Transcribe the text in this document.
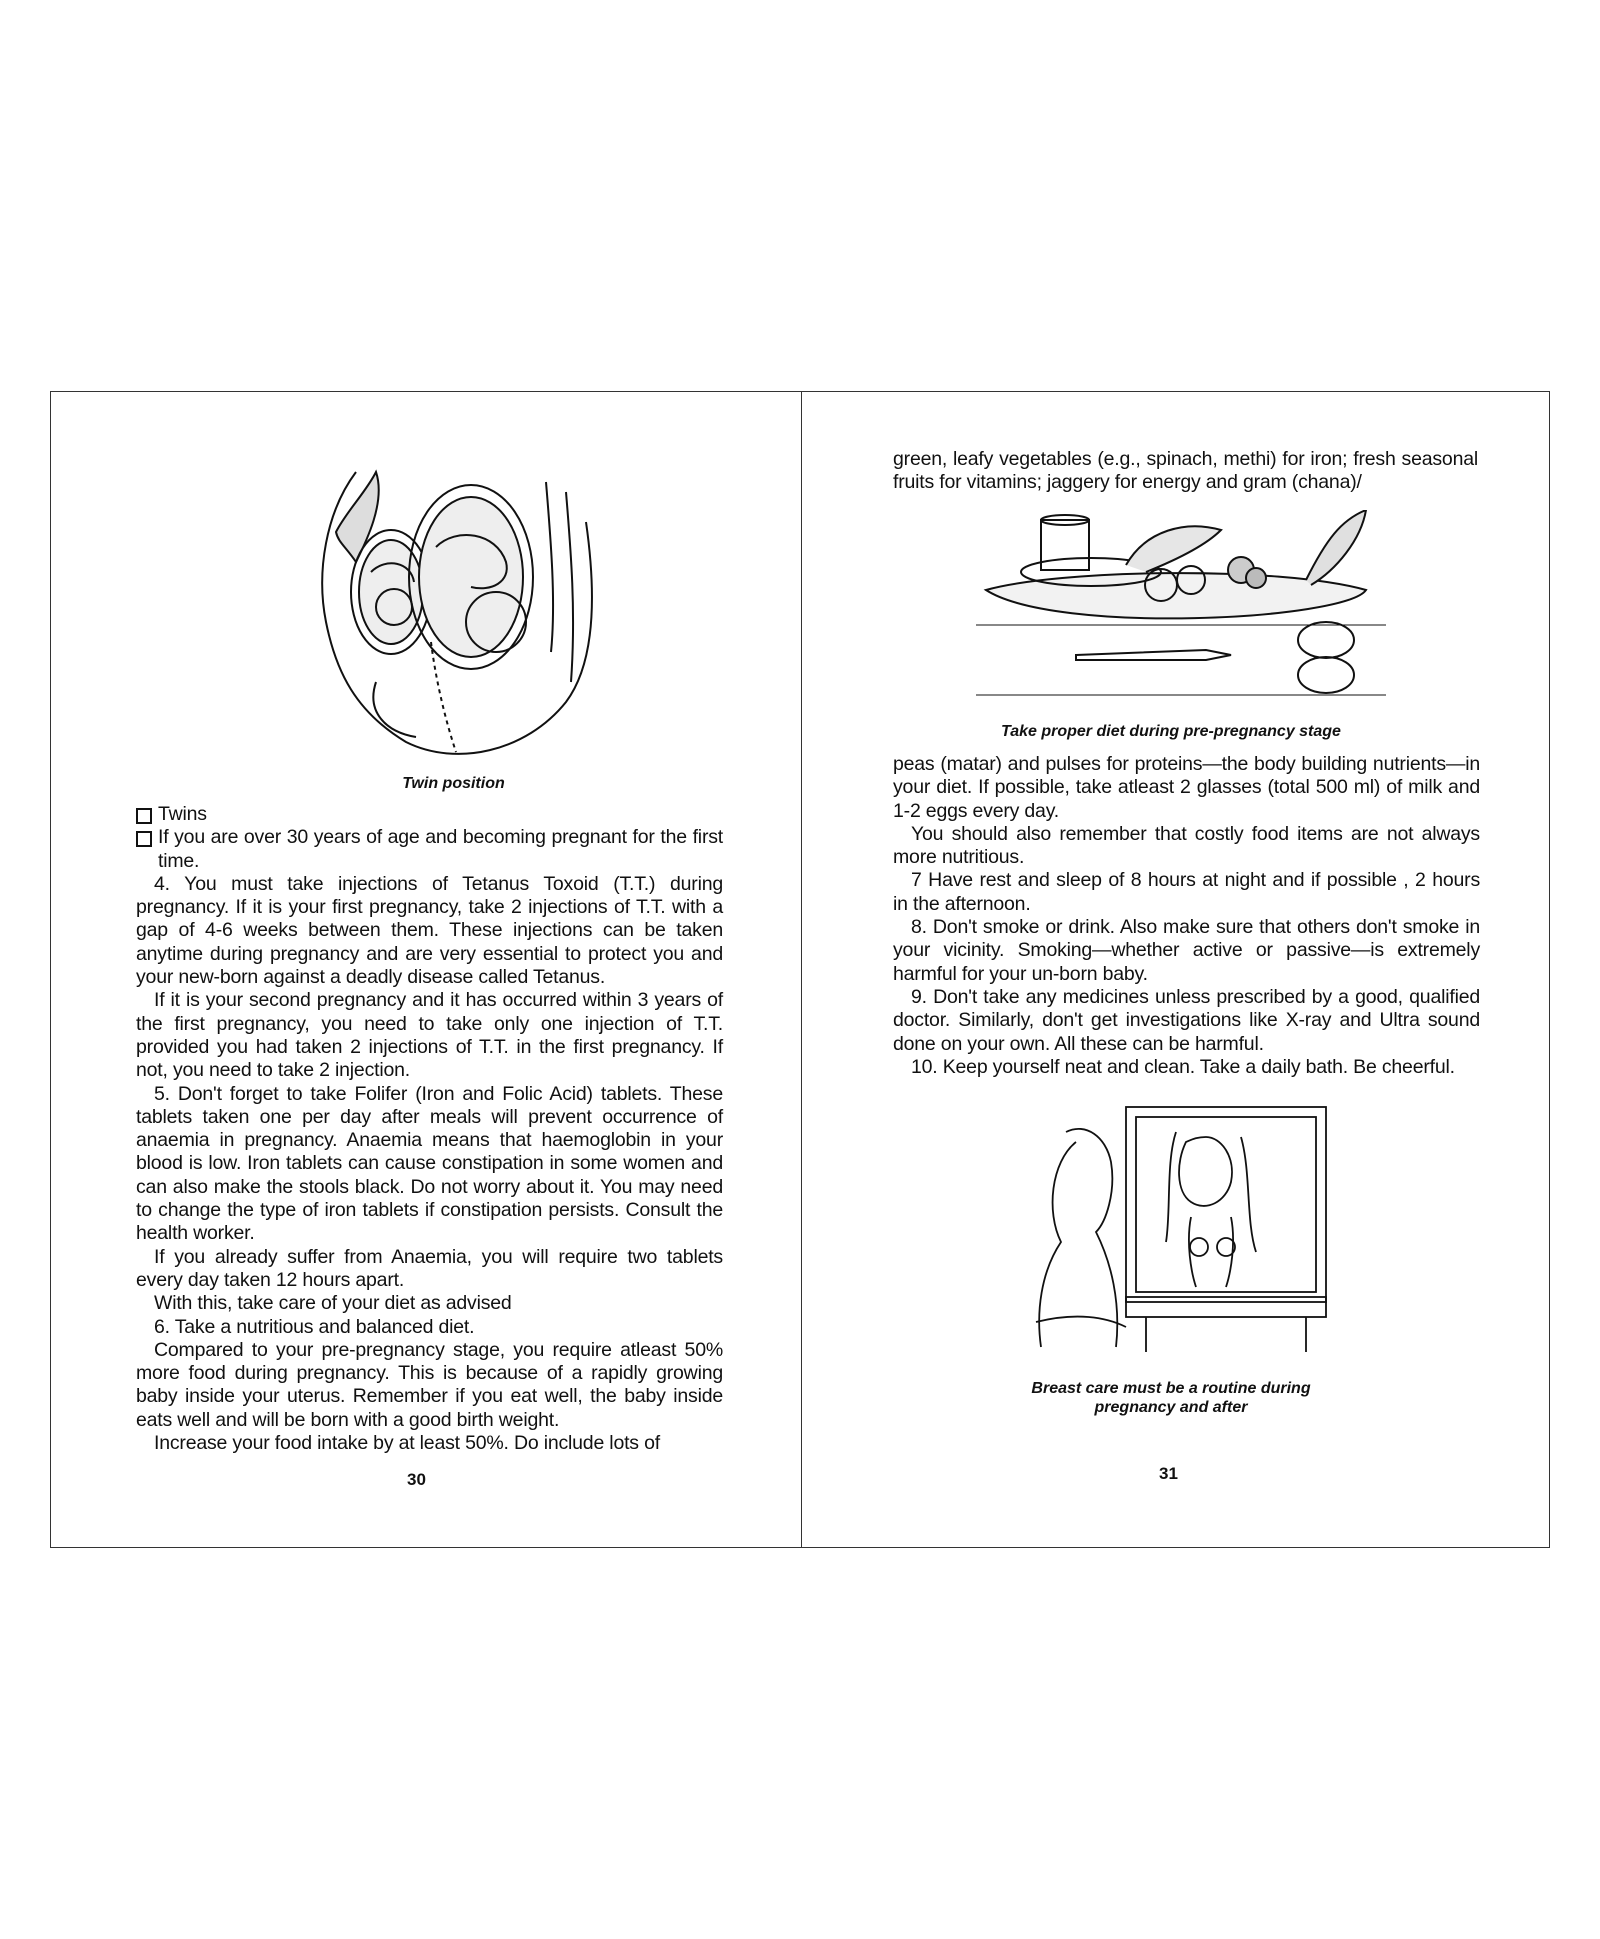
Twin position
Twins
If you are over 30 years of age and becoming pregnant for the first time.

4. You must take injections of Tetanus Toxoid (T.T.) during pregnancy. If it is your first pregnancy, take 2 injections of T.T. with a gap of 4-6 weeks between them. These injections can be taken anytime during pregnancy and are very essential to protect you and your new-born against a deadly disease called Tetanus.

If it is your second pregnancy and it has occurred within 3 years of the first pregnancy, you need to take only one injection of T.T. provided you had taken 2 injections of T.T. in the first pregnancy. If not, you need to take 2 injection.

5. Don't forget to take Folifer (Iron and Folic Acid) tablets. These tablets taken one per day after meals will prevent occurrence of anaemia in pregnancy. Anaemia means that haemoglobin in your blood is low. Iron tablets can cause constipation in some women and can also make the stools black. Do not worry about it. You may need to change the type of iron tablets if constipation persists. Consult the health worker.

If you already suffer from Anaemia, you will require two tablets every day taken 12 hours apart.

With this, take care of your diet as advised

6. Take a nutritious and balanced diet.

Compared to your pre-pregnancy stage, you require atleast 50% more food during pregnancy. This is because of a rapidly growing baby inside your uterus. Remember if you eat well, the baby inside eats well and will be born with a good birth weight.

Increase your food intake by at least 50%. Do include lots of

30

green, leafy vegetables (e.g., spinach, methi) for iron; fresh seasonal fruits for vitamins; jaggery for energy and gram (chana)/

Take proper diet during pre-pregnancy stage

peas (matar) and pulses for proteins—the body building nutrients—in your diet. If possible, take atleast 2 glasses (total 500 ml) of milk and 1-2 eggs every day.

You should also remember that costly food items are not always more nutritious.

7 Have rest and sleep of 8 hours at night and if possible , 2 hours in the afternoon.

8. Don't smoke or drink. Also make sure that others don't smoke in your vicinity. Smoking—whether active or passive—is extremely harmful for your un-born baby.

9. Don't take any medicines unless prescribed by a good, qualified doctor. Similarly, don't get investigations like X-ray and Ultra sound done on your own. All these can be harmful.

10. Keep yourself neat and clean. Take a daily bath. Be cheerful.

Breast care must be a routine during
pregnancy and after
31
